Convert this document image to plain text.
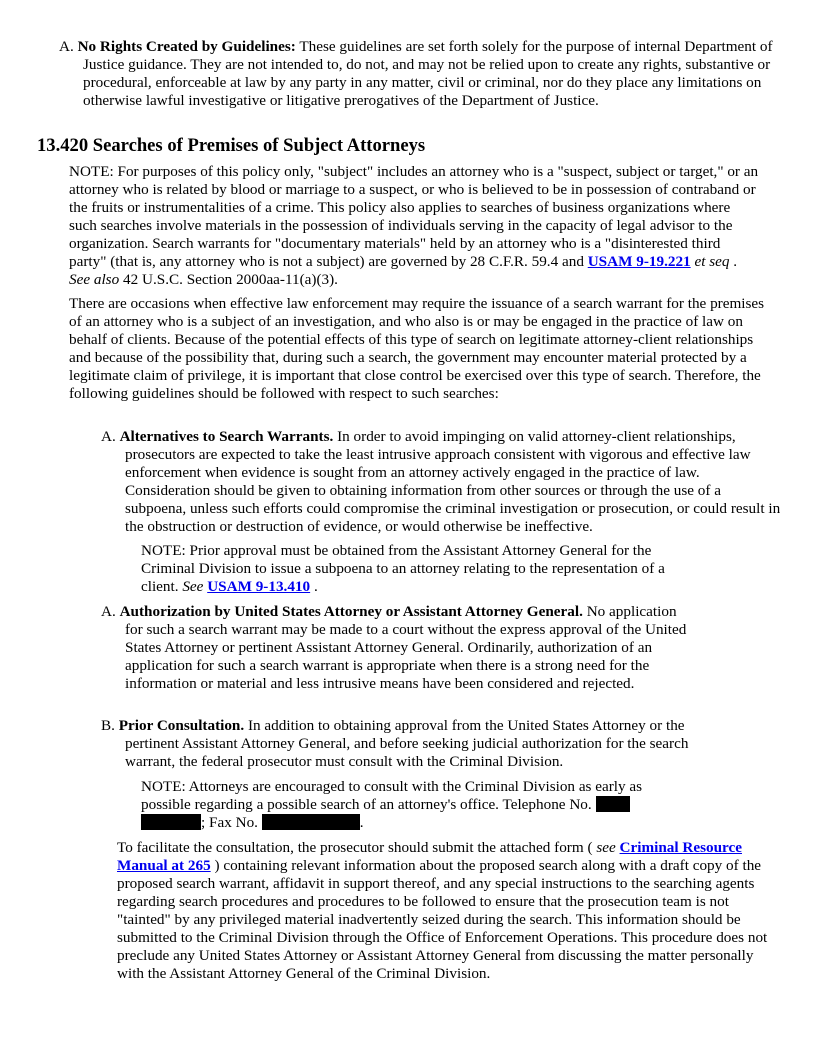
A. No Rights Created by Guidelines: These guidelines are set forth solely for the purpose of internal Department of Justice guidance. They are not intended to, do not, and may not be relied upon to create any rights, substantive or procedural, enforceable at law by any party in any matter, civil or criminal, nor do they place any limitations on otherwise lawful investigative or litigative prerogatives of the Department of Justice.

13.420 Searches of Premises of Subject Attorneys

NOTE: For purposes of this policy only, "subject" includes an attorney who is a "suspect, subject or target," or an attorney who is related by blood or marriage to a suspect, or who is believed to be in possession of contraband or the fruits or instrumentalities of a crime. This policy also applies to searches of business organizations where such searches involve materials in the possession of individuals serving in the capacity of legal advisor to the organization. Search warrants for "documentary materials" held by an attorney who is a "disinterested third party" (that is, any attorney who is not a subject) are governed by 28 C.F.R. 59.4 and USAM 9-19.221 et seq . See also 42 U.S.C. Section 2000aa-11(a)(3).

There are occasions when effective law enforcement may require the issuance of a search warrant for the premises of an attorney who is a subject of an investigation, and who also is or may be engaged in the practice of law on behalf of clients. Because of the potential effects of this type of search on legitimate attorney-client relationships and because of the possibility that, during such a search, the government may encounter material protected by a legitimate claim of privilege, it is important that close control be exercised over this type of search. Therefore, the following guidelines should be followed with respect to such searches:

A. Alternatives to Search Warrants. In order to avoid impinging on valid attorney-client relationships, prosecutors are expected to take the least intrusive approach consistent with vigorous and effective law enforcement when evidence is sought from an attorney actively engaged in the practice of law. Consideration should be given to obtaining information from other sources or through the use of a subpoena, unless such efforts could compromise the criminal investigation or prosecution, or could result in the obstruction or destruction of evidence, or would otherwise be ineffective.

NOTE: Prior approval must be obtained from the Assistant Attorney General for the Criminal Division to issue a subpoena to an attorney relating to the representation of a client. See USAM 9-13.410 .

A. Authorization by United States Attorney or Assistant Attorney General. No application for such a search warrant may be made to a court without the express approval of the United States Attorney or pertinent Assistant Attorney General. Ordinarily, authorization of an application for such a search warrant is appropriate when there is a strong need for the information or material and less intrusive means have been considered and rejected.

B. Prior Consultation. In addition to obtaining approval from the United States Attorney or the pertinent Assistant Attorney General, and before seeking judicial authorization for the search warrant, the federal prosecutor must consult with the Criminal Division.

NOTE: Attorneys are encouraged to consult with the Criminal Division as early as possible regarding a possible search of an attorney's office. Telephone No.  ; Fax No.	.

To facilitate the consultation, the prosecutor should submit the attached form ( see Criminal Resource Manual at 265 ) containing relevant information about the proposed search along with a draft copy of the proposed search warrant, affidavit in support thereof, and any special instructions to the searching agents regarding search procedures and procedures to be followed to ensure that the prosecution team is not "tainted" by any privileged material inadvertently seized during the search. This information should be submitted to the Criminal Division through the Office of Enforcement Operations. This procedure does not preclude any United States Attorney or Assistant Attorney General from discussing the matter personally with the Assistant Attorney General of the Criminal Division.
